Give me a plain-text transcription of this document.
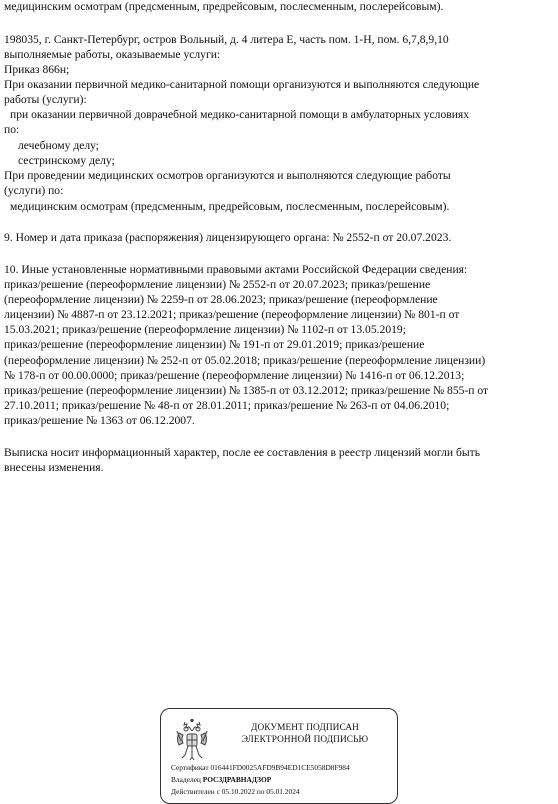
медицинским осмотрам (предсменным, предрейсовым, послесменным, послерейсовым).
198035, г. Санкт-Петербург, остров Вольный, д. 4 литера Е, часть пом. 1-Н, пом. 6,7,8,9,10
выполняемые работы, оказываемые услуги:
Приказ 866н;
При оказании первичной медико-санитарной помощи организуются и выполняются следующие
работы (услуги):
при оказании первичной доврачебной медико-санитарной помощи в амбулаторных условиях
по:
лечебному делу;
сестринскому делу;
При проведении медицинских осмотров организуются и выполняются следующие работы
(услуги) по:
медицинским осмотрам (предсменным, предрейсовым, послесменным, послерейсовым).
9. Номер и дата приказа (распоряжения) лицензирующего органа: № 2552-п от 20.07.2023.
10. Иные установленные нормативными правовыми актами Российской Федерации сведения:
приказ/решение (переоформление лицензии) № 2552-п от 20.07.2023; приказ/решение
(переоформление лицензии) № 2259-п от 28.06.2023; приказ/решение (переоформление
лицензии) № 4887-п от 23.12.2021; приказ/решение (переоформление лицензии) № 801-п от
15.03.2021; приказ/решение (переоформление лицензии) № 1102-п от 13.05.2019;
приказ/решение (переоформление лицензии) № 191-п от 29.01.2019; приказ/решение
(переоформление лицензии) № 252-п от 05.02.2018; приказ/решение (переоформление лицензии)
№ 178-п от 00.00.0000; приказ/решение (переоформление лицензии) № 1416-п от 06.12.2013;
приказ/решение (переоформление лицензии) № 1385-п от 03.12.2012; приказ/решение № 855-п от
27.10.2011; приказ/решение № 48-п от 28.01.2011; приказ/решение № 263-п от 04.06.2010;
приказ/решение № 1363 от 06.12.2007.
Выписка носит информационный характер, после ее составления в реестр лицензий могли быть
внесены изменения.
ДОКУМЕНТ ПОДПИСАН
ЭЛЕКТРОННОЙ ПОДПИСЬЮ
Сертификат 016441FD0025AFD9B94ED1CE5058D8F984
Владелец РОСЗДРАВНАДЗОР
Действителен с 05.10.2022 по 05.01.2024
